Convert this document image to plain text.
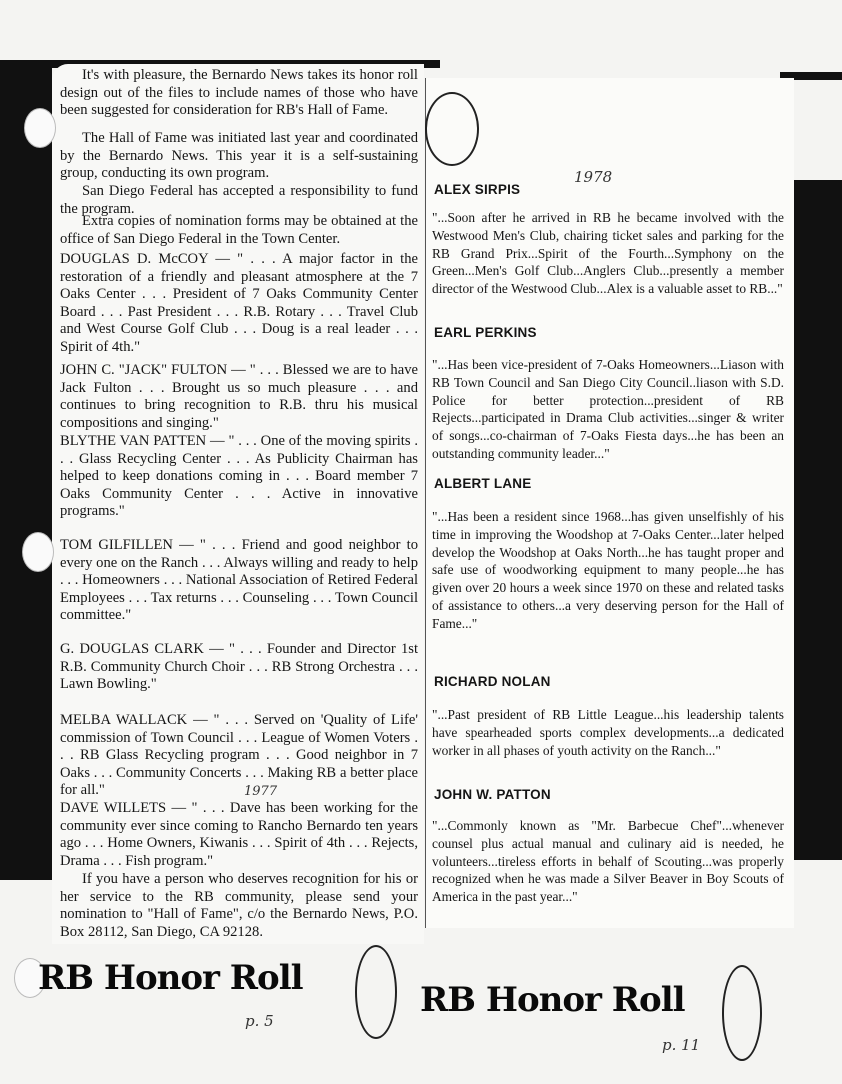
It's with pleasure, the Bernardo News takes its honor roll design out of the files to include names of those who have been suggested for consideration for RB's Hall of Fame.
The Hall of Fame was initiated last year and coordinated by the Bernardo News. This year it is a self-sustaining group, conducting its own program.
San Diego Federal has accepted a responsibility to fund the program.
Extra copies of nomination forms may be obtained at the office of San Diego Federal in the Town Center.
DOUGLAS D. McCOY — " . . . A major factor in the restoration of a friendly and pleasant atmosphere at the 7 Oaks Center . . . President of 7 Oaks Community Center Board . . . Past President . . . R.B. Rotary . . . Travel Club and West Course Golf Club . . . Doug is a real leader . . . Spirit of 4th."
JOHN C. "JACK" FULTON — " . . . Blessed we are to have Jack Fulton . . . Brought us so much pleasure . . . and continues to bring recognition to R.B. thru his musical compositions and singing."
BLYTHE VAN PATTEN — " . . . One of the moving spirits . . . Glass Recycling Center . . . As Publicity Chairman has helped to keep donations coming in . . . Board member 7 Oaks Community Center . . . Active in innovative programs."
TOM GILFILLEN — " . . . Friend and good neighbor to every one on the Ranch . . . Always willing and ready to help . . . Homeowners . . . National Association of Retired Federal Employees . . . Tax returns . . . Counseling . . . Town Council committee."
G. DOUGLAS CLARK — " . . . Founder and Director 1st R.B. Community Church Choir . . . RB Strong Orchestra . . . Lawn Bowling."
MELBA WALLACK — " . . . Served on 'Quality of Life' commission of Town Council . . . League of Women Voters . . . RB Glass Recycling program . . . Good neighbor in 7 Oaks . . . Community Concerts . . . Making RB a better place for all."
DAVE WILLETS — " . . . Dave has been working for the community ever since coming to Rancho Bernardo ten years ago . . . Home Owners, Kiwanis . . . Spirit of 4th . . . Rejects, Drama . . . Fish program."
If you have a person who deserves recognition for his or her service to the RB community, please send your nomination to "Hall of Fame", c/o the Bernardo News, P.O. Box 28112, San Diego, CA 92128.
ALEX SIRPIS
"...Soon after he arrived in RB he became involved with the Westwood Men's Club, chairing ticket sales and parking for the RB Grand Prix...Spirit of the Fourth...Symphony on the Green...Men's Golf Club...Anglers Club...presently a member director of the Westwood Club...Alex is a valuable asset to RB..."
EARL PERKINS
"...Has been vice-president of 7-Oaks Homeowners...Liason with RB Town Council and San Diego City Council..liason with S.D. Police for better protection...president of RB Rejects...participated in Drama Club activities...singer & writer of songs...co-chairman of 7-Oaks Fiesta days...he has been an outstanding community leader..."
ALBERT LANE
"...Has been a resident since 1968...has given unselfishly of his time in improving the Woodshop at 7-Oaks Center...later helped develop the Woodshop at Oaks North...he has taught proper and safe use of woodworking equipment to many people...he has given over 20 hours a week since 1970 on these and related tasks of assistance to others...a very deserving person for the Hall of Fame..."
RICHARD NOLAN
"...Past president of RB Little League...his leadership talents have spearheaded sports complex developments...a dedicated worker in all phases of youth activity on the Ranch..."
JOHN W. PATTON
"...Commonly known as "Mr. Barbecue Chef"...whenever counsel plus actual manual and culinary aid is needed, he volunteers...tireless efforts in behalf of Scouting...was properly recognized when he was made a Silver Beaver in Boy Scouts of America in the past year..."
RB Honor Roll
RB Honor Roll
1978
1977
p. 5
p. 11
